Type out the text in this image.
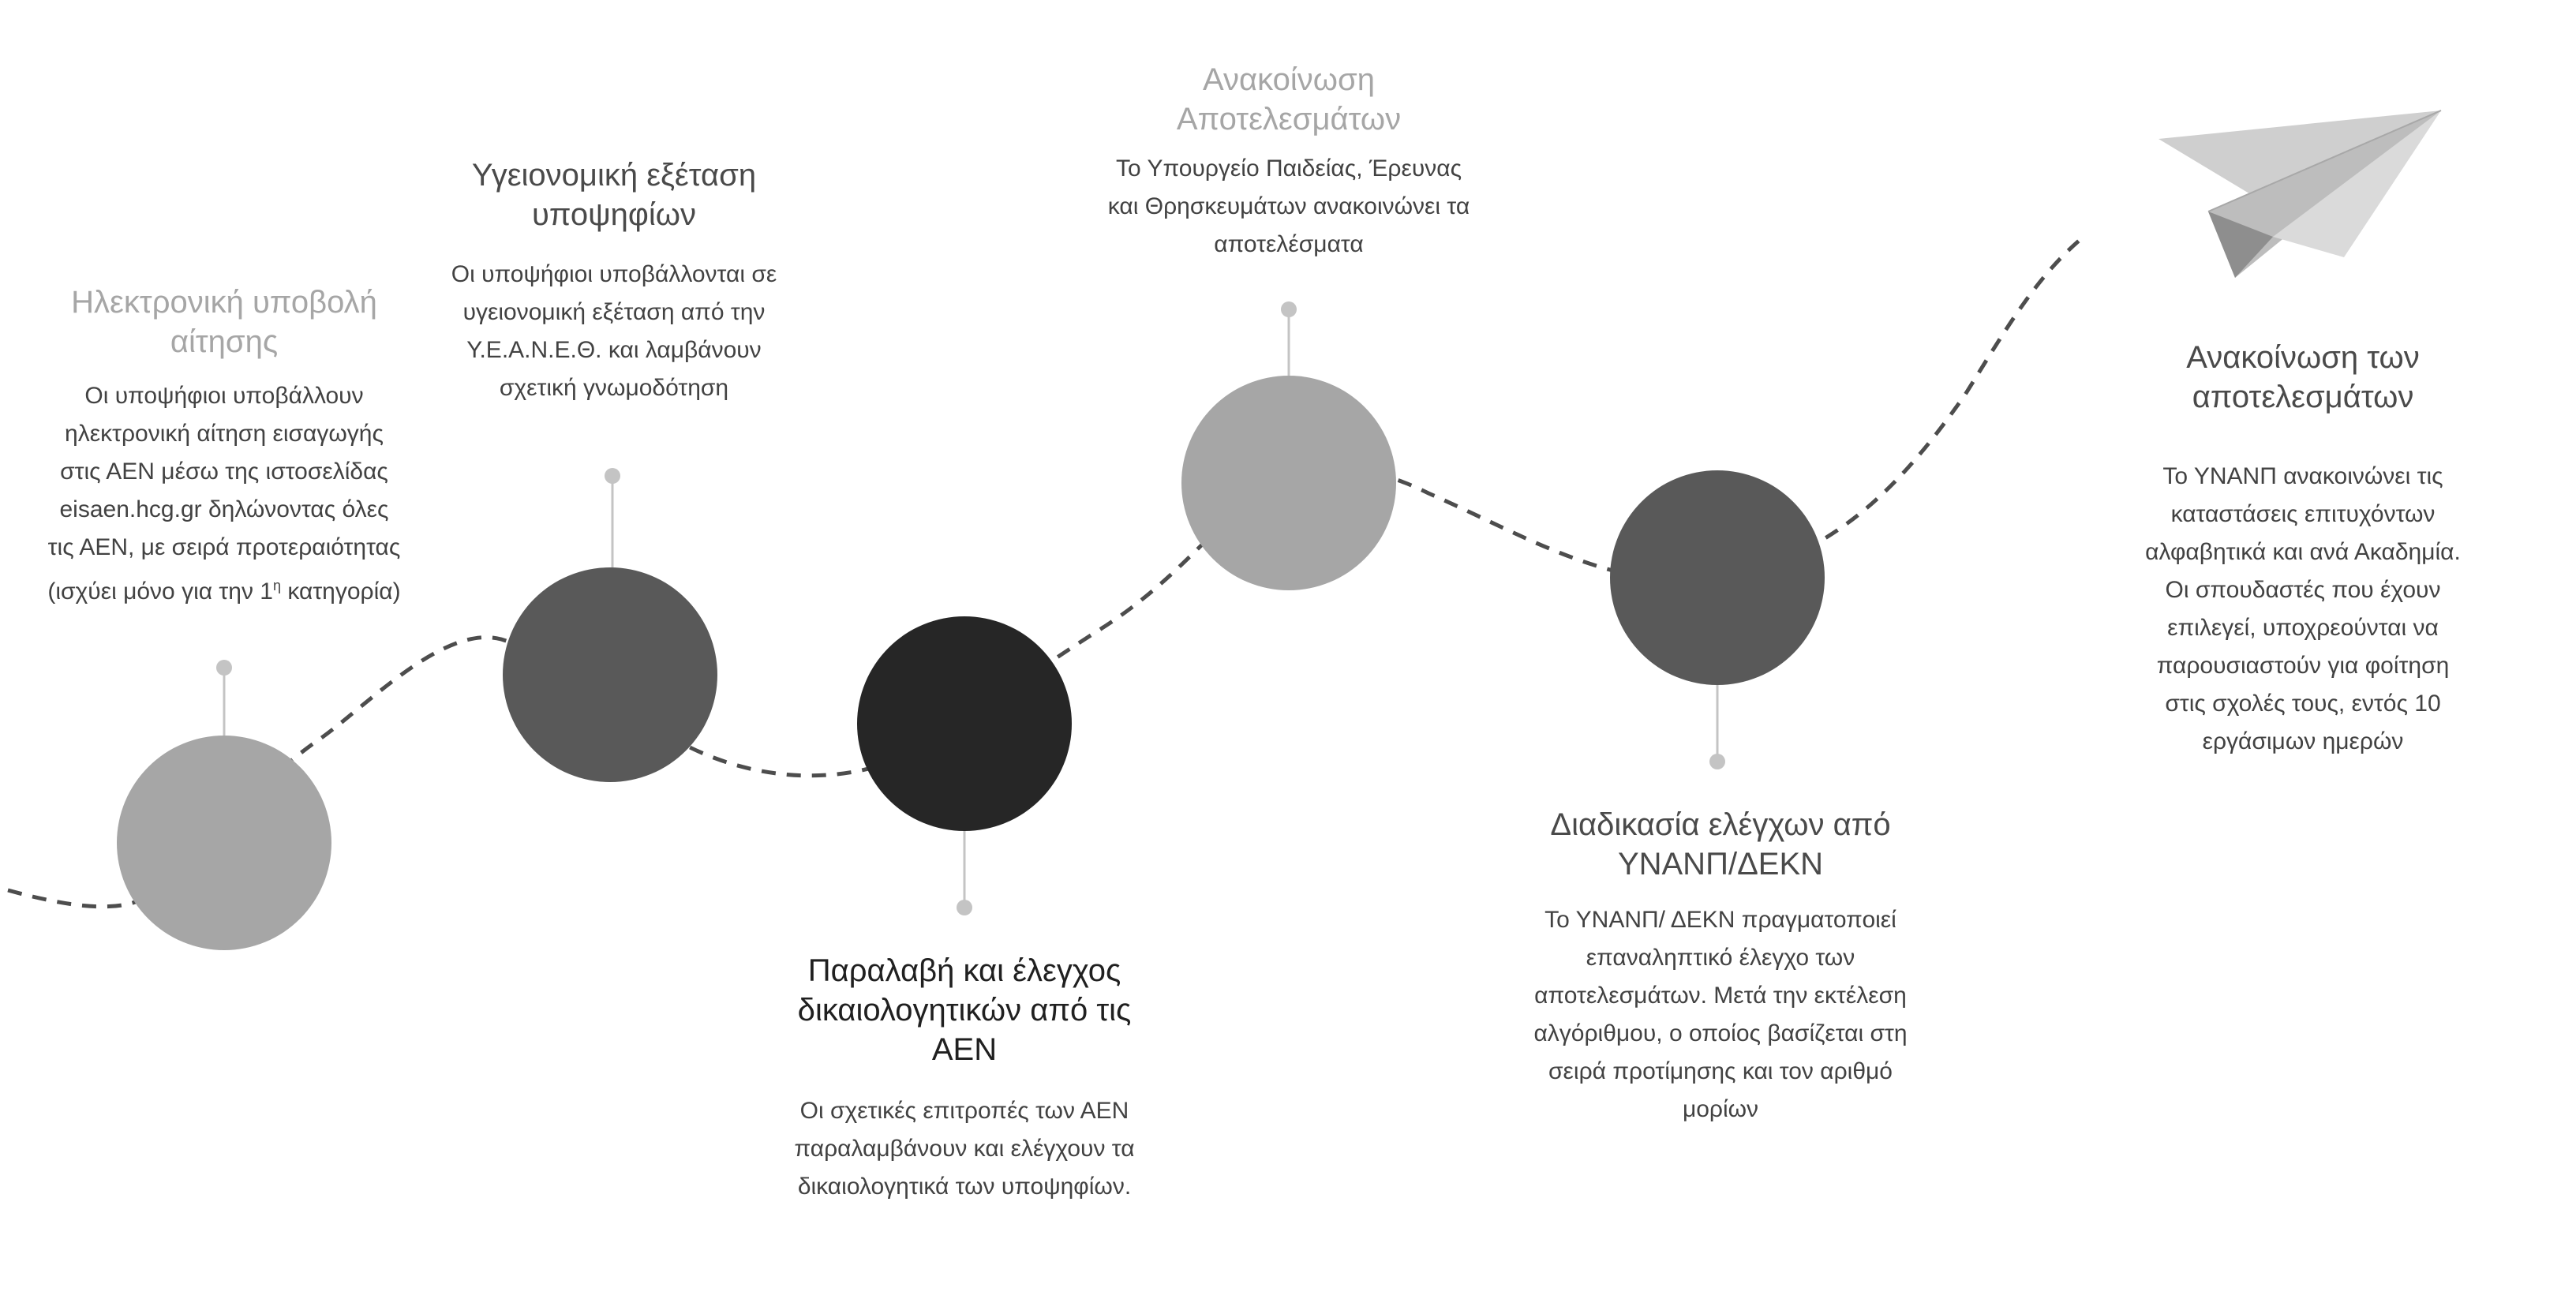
Ηλεκτρονική υποβολή αίτησης
Οι υποψήφιοι υποβάλλουν ηλεκτρονική αίτηση εισαγωγής στις ΑΕΝ μέσω της ιστοσελίδας eisaen.hcg.gr δηλώνοντας όλες τις ΑΕΝ, με σειρά προτεραιότητας (ισχύει μόνο για την $1^\eta$ κατηγορία)
Υγειονομική εξέταση υποψηφίων
Οι υποψήφιοι υποβάλλονται σε υγειονομική εξέταση από την Υ.Ε.Α.Ν.Ε.Θ. και λαμβάνουν σχετική γνωμοδότηση
Παραλαβή και έλεγχος δικαιολογητικών από τις ΑΕΝ
Οι σχετικές επιτροπές των ΑΕΝ παραλαμβάνουν και ελέγχουν τα δικαιολογητικά των υποψηφίων.
Ανακοίνωση Αποτελεσμάτων
Το Υπουργείο Παιδείας, Έρευνας και Θρησκευμάτων ανακοινώνει τα αποτελέσματα
Διαδικασία ελέγχων από ΥΝΑΝΠ/ΔΕΚΝ
Το ΥΝΑΝΠ/ ΔΕΚΝ πραγματοποιεί επαναληπτικό έλεγχο των αποτελεσμάτων. Μετά την εκτέλεση αλγόριθμου, ο οποίος βασίζεται στη σειρά προτίμησης και τον αριθμό μορίων
Ανακοίνωση των αποτελεσμάτων
Το ΥΝΑΝΠ ανακοινώνει τις καταστάσεις επιτυχόντων αλφαβητικά και ανά Ακαδημία. Οι σπουδαστές που έχουν επιλεγεί, υποχρεούνται να παρουσιαστούν για φοίτηση στις σχολές τους, εντός 10 εργάσιμων ημερών
